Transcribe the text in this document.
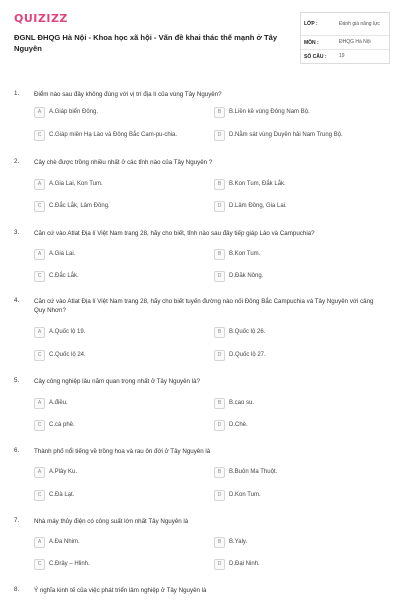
QUIZIZZ
ĐGNL ĐHQG Hà Nội - Khoa học xã hội - Vấn đề khai thác thế mạnh ở Tây Nguyên
LỚP :	Đánh giá năng lực
MÔN :	ĐHQG Hà Nội
SỐ CÂU :	19
1. Điểm nào sau đây không đúng với vị trí địa lí của vùng Tây Nguyên?
A	A.Giáp biển Đông.	B	B.Liền kề vùng Đông Nam Bộ.
C	C.Giáp miền Hạ Lào và Đông Bắc Cam-pu-chia.	D	D.Nằm sát vùng Duyên hải Nam Trung Bộ.
2. Cây chè được trồng nhiều nhất ở các tỉnh nào của Tây Nguyên ?
A	A.Gia Lai, Kon Tum.	B	B.Kon Tum, Đắk Lắk.
C	C.Đắc Lắk, Lâm Đồng.	D	D.Lâm Đồng, Gia Lai.
3. Căn cứ vào Atlat Địa lí Việt Nam trang 28, hãy cho biết, tỉnh nào sau đây tiếp giáp Lào và Campuchia?
A	A.Gia Lai.	B	B.Kon Tum.
C	C.Đắc Lắk.	D	D.Đăk Nông.
4. Căn cứ vào Atlat Địa lí Việt Nam trang 28, hãy cho biết tuyến đường nào nối Đông Bắc Campuchia và Tây Nguyên với cảng Quy Nhơn?
A	A.Quốc lộ 19.	B	B.Quốc lộ 26.
C	C.Quốc lộ 24.	D	D.Quốc lộ 27.
5. Cây công nghiệp lâu năm quan trọng nhất ở Tây Nguyên là?
A	A.điều.	B	B.cao su.
C	C.cà phê.	D	D.Chè.
6. Thành phố nổi tiếng về trồng hoa và rau ôn đới ở Tây Nguyên là
A	A.Plây Ku.	B	B.Buôn Ma Thuột.
C	C.Đà Lạt.	D	D.Kon Tum.
7. Nhà máy thủy điện có công suất lớn nhất Tây Nguyên là
A	A.Đa Nhim.	B	B.Yaly.
C	C.Đrây – Hlinh.	D	D.Đại Ninh.
8. Ý nghĩa kinh tế của việc phát triển lâm nghiệp ở Tây Nguyên là
